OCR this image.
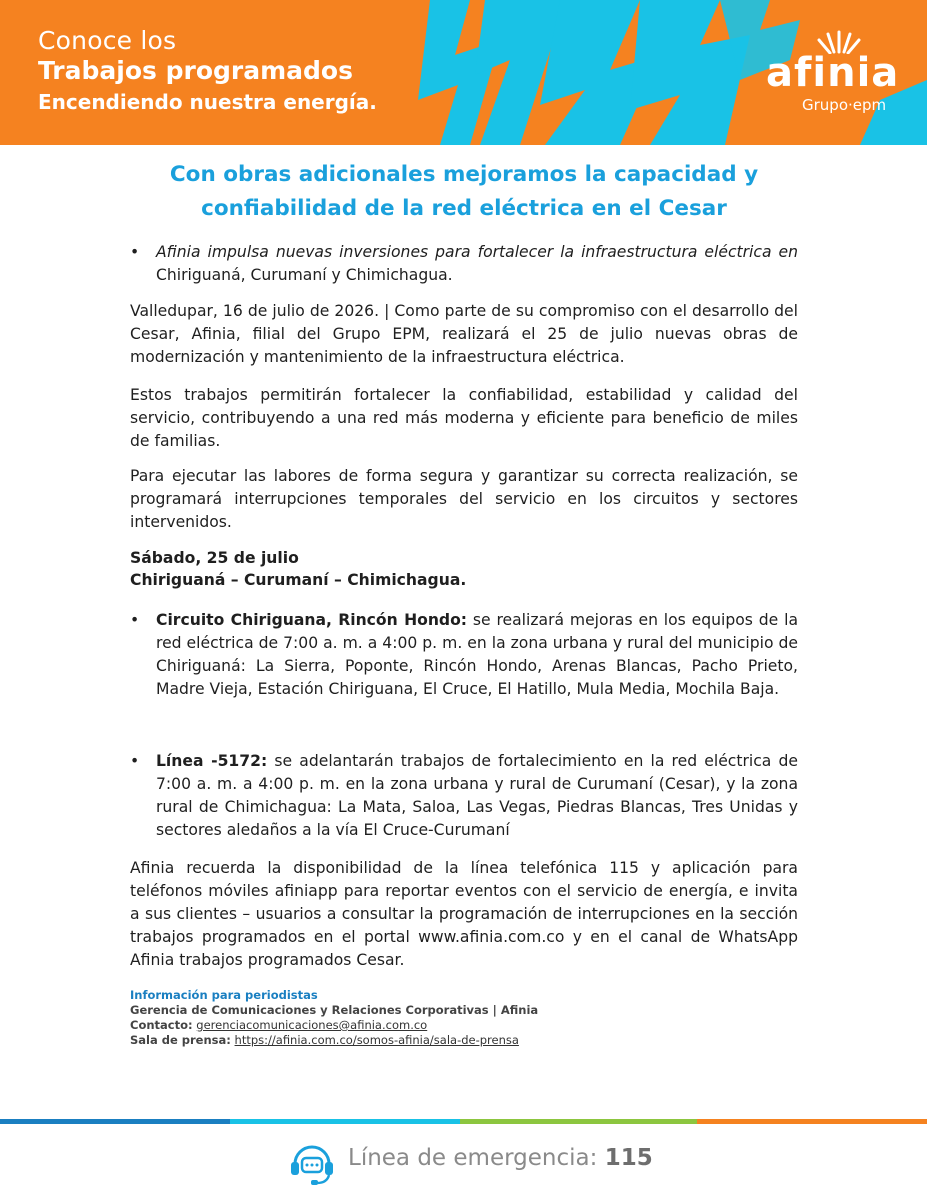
Conoce los
Trabajos programados
Encendiendo nuestra energía.
afinia
Grupo·epm
Con obras adicionales mejoramos la capacidad y confiabilidad de la red eléctrica en el Cesar
•	Afinia impulsa nuevas inversiones para fortalecer la infraestructura eléctrica en Chiriguaná, Curumaní y Chimichagua.
Valledupar, 16 de julio de 2026. | Como parte de su compromiso con el desarrollo del Cesar, Afinia, filial del Grupo EPM, realizará el 25 de julio nuevas obras de modernización y mantenimiento de la infraestructura eléctrica.
Estos trabajos permitirán fortalecer la confiabilidad, estabilidad y calidad del servicio, contribuyendo a una red más moderna y eficiente para beneficio de miles de familias.
Para ejecutar las labores de forma segura y garantizar su correcta realización, se programará interrupciones temporales del servicio en los circuitos y sectores intervenidos.
Sábado, 25 de julio
Chiriguaná – Curumaní – Chimichagua.
•	Circuito Chiriguana, Rincón Hondo: se realizará mejoras en los equipos de la red eléctrica de 7:00 a. m. a 4:00 p. m. en la zona urbana y rural del municipio de Chiriguaná: La Sierra, Poponte, Rincón Hondo, Arenas Blancas, Pacho Prieto, Madre Vieja, Estación Chiriguana, El Cruce, El Hatillo, Mula Media, Mochila Baja.
•	Línea -5172: se adelantarán trabajos de fortalecimiento en la red eléctrica de 7:00 a. m. a 4:00 p. m. en la zona urbana y rural de Curumaní (Cesar), y la zona rural de Chimichagua: La Mata, Saloa, Las Vegas, Piedras Blancas, Tres Unidas y sectores aledaños a la vía El Cruce-Curumaní
Afinia recuerda la disponibilidad de la línea telefónica 115 y aplicación para teléfonos móviles afiniapp para reportar eventos con el servicio de energía, e invita a sus clientes – usuarios a consultar la programación de interrupciones en la sección trabajos programados en el portal www.afinia.com.co y en el canal de WhatsApp Afinia trabajos programados Cesar.
Información para periodistas
Gerencia de Comunicaciones y Relaciones Corporativas | Afinia
Contacto: gerenciacomunicaciones@afinia.com.co
Sala de prensa: https://afinia.com.co/somos-afinia/sala-de-prensa
Línea de emergencia: 115
